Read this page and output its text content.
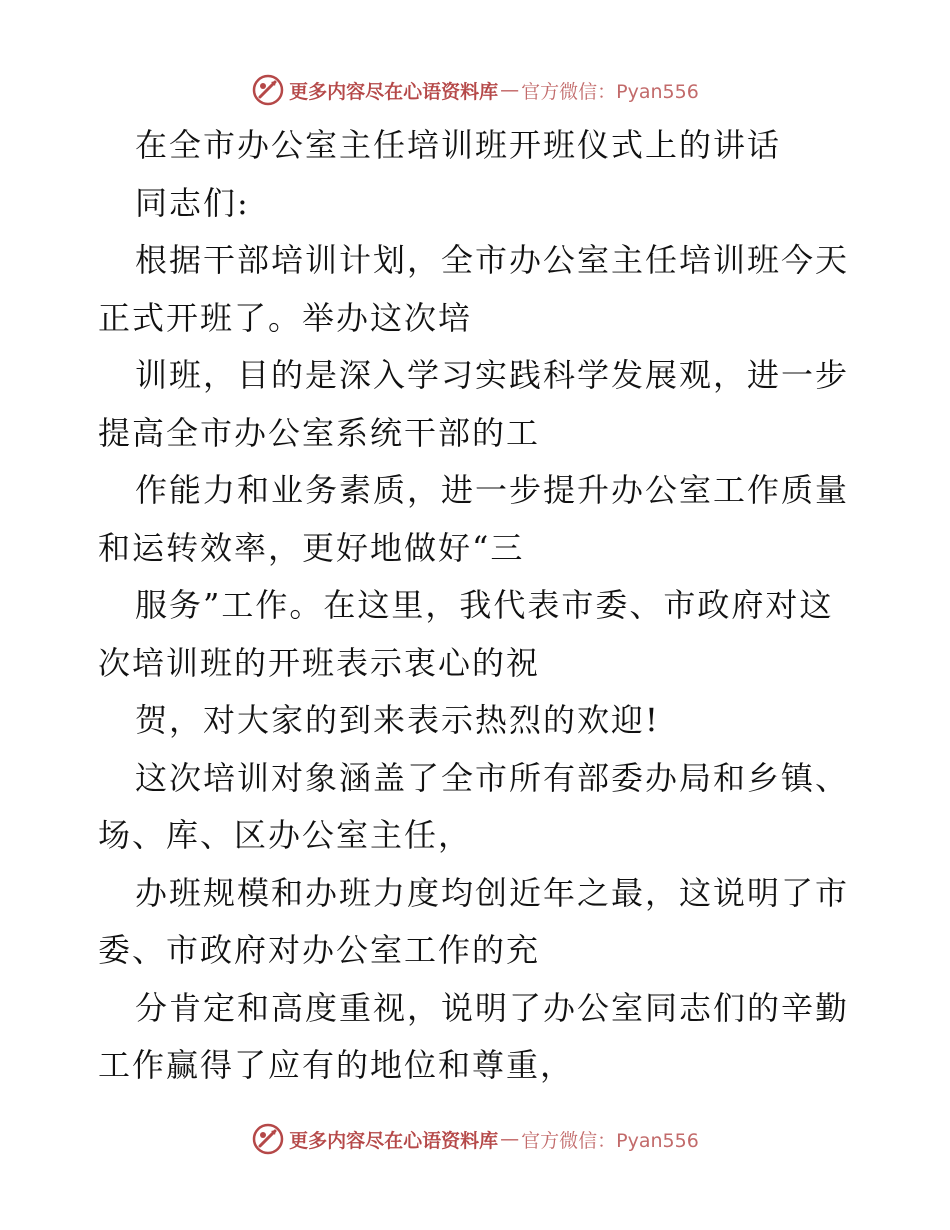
更多内容尽在心语资料库 — 官方微信：Pyan556
在全市办公室主任培训班开班仪式上的讲话
同志们:
根据干部培训计划，全市办公室主任培训班今天
正式开班了。举办这次培
训班，目的是深入学习实践科学发展观，进一步
提高全市办公室系统干部的工
作能力和业务素质，进一步提升办公室工作质量
和运转效率，更好地做好“三
服务”工作。在这里，我代表市委、市政府对这
次培训班的开班表示衷心的祝
贺，对大家的到来表示热烈的欢迎!
这次培训对象涵盖了全市所有部委办局和乡镇、
场、库、区办公室主任，
办班规模和办班力度均创近年之最，这说明了市
委、市政府对办公室工作的充
分肯定和高度重视，说明了办公室同志们的辛勤
工作赢得了应有的地位和尊重，
更多内容尽在心语资料库 — 官方微信：Pyan556
